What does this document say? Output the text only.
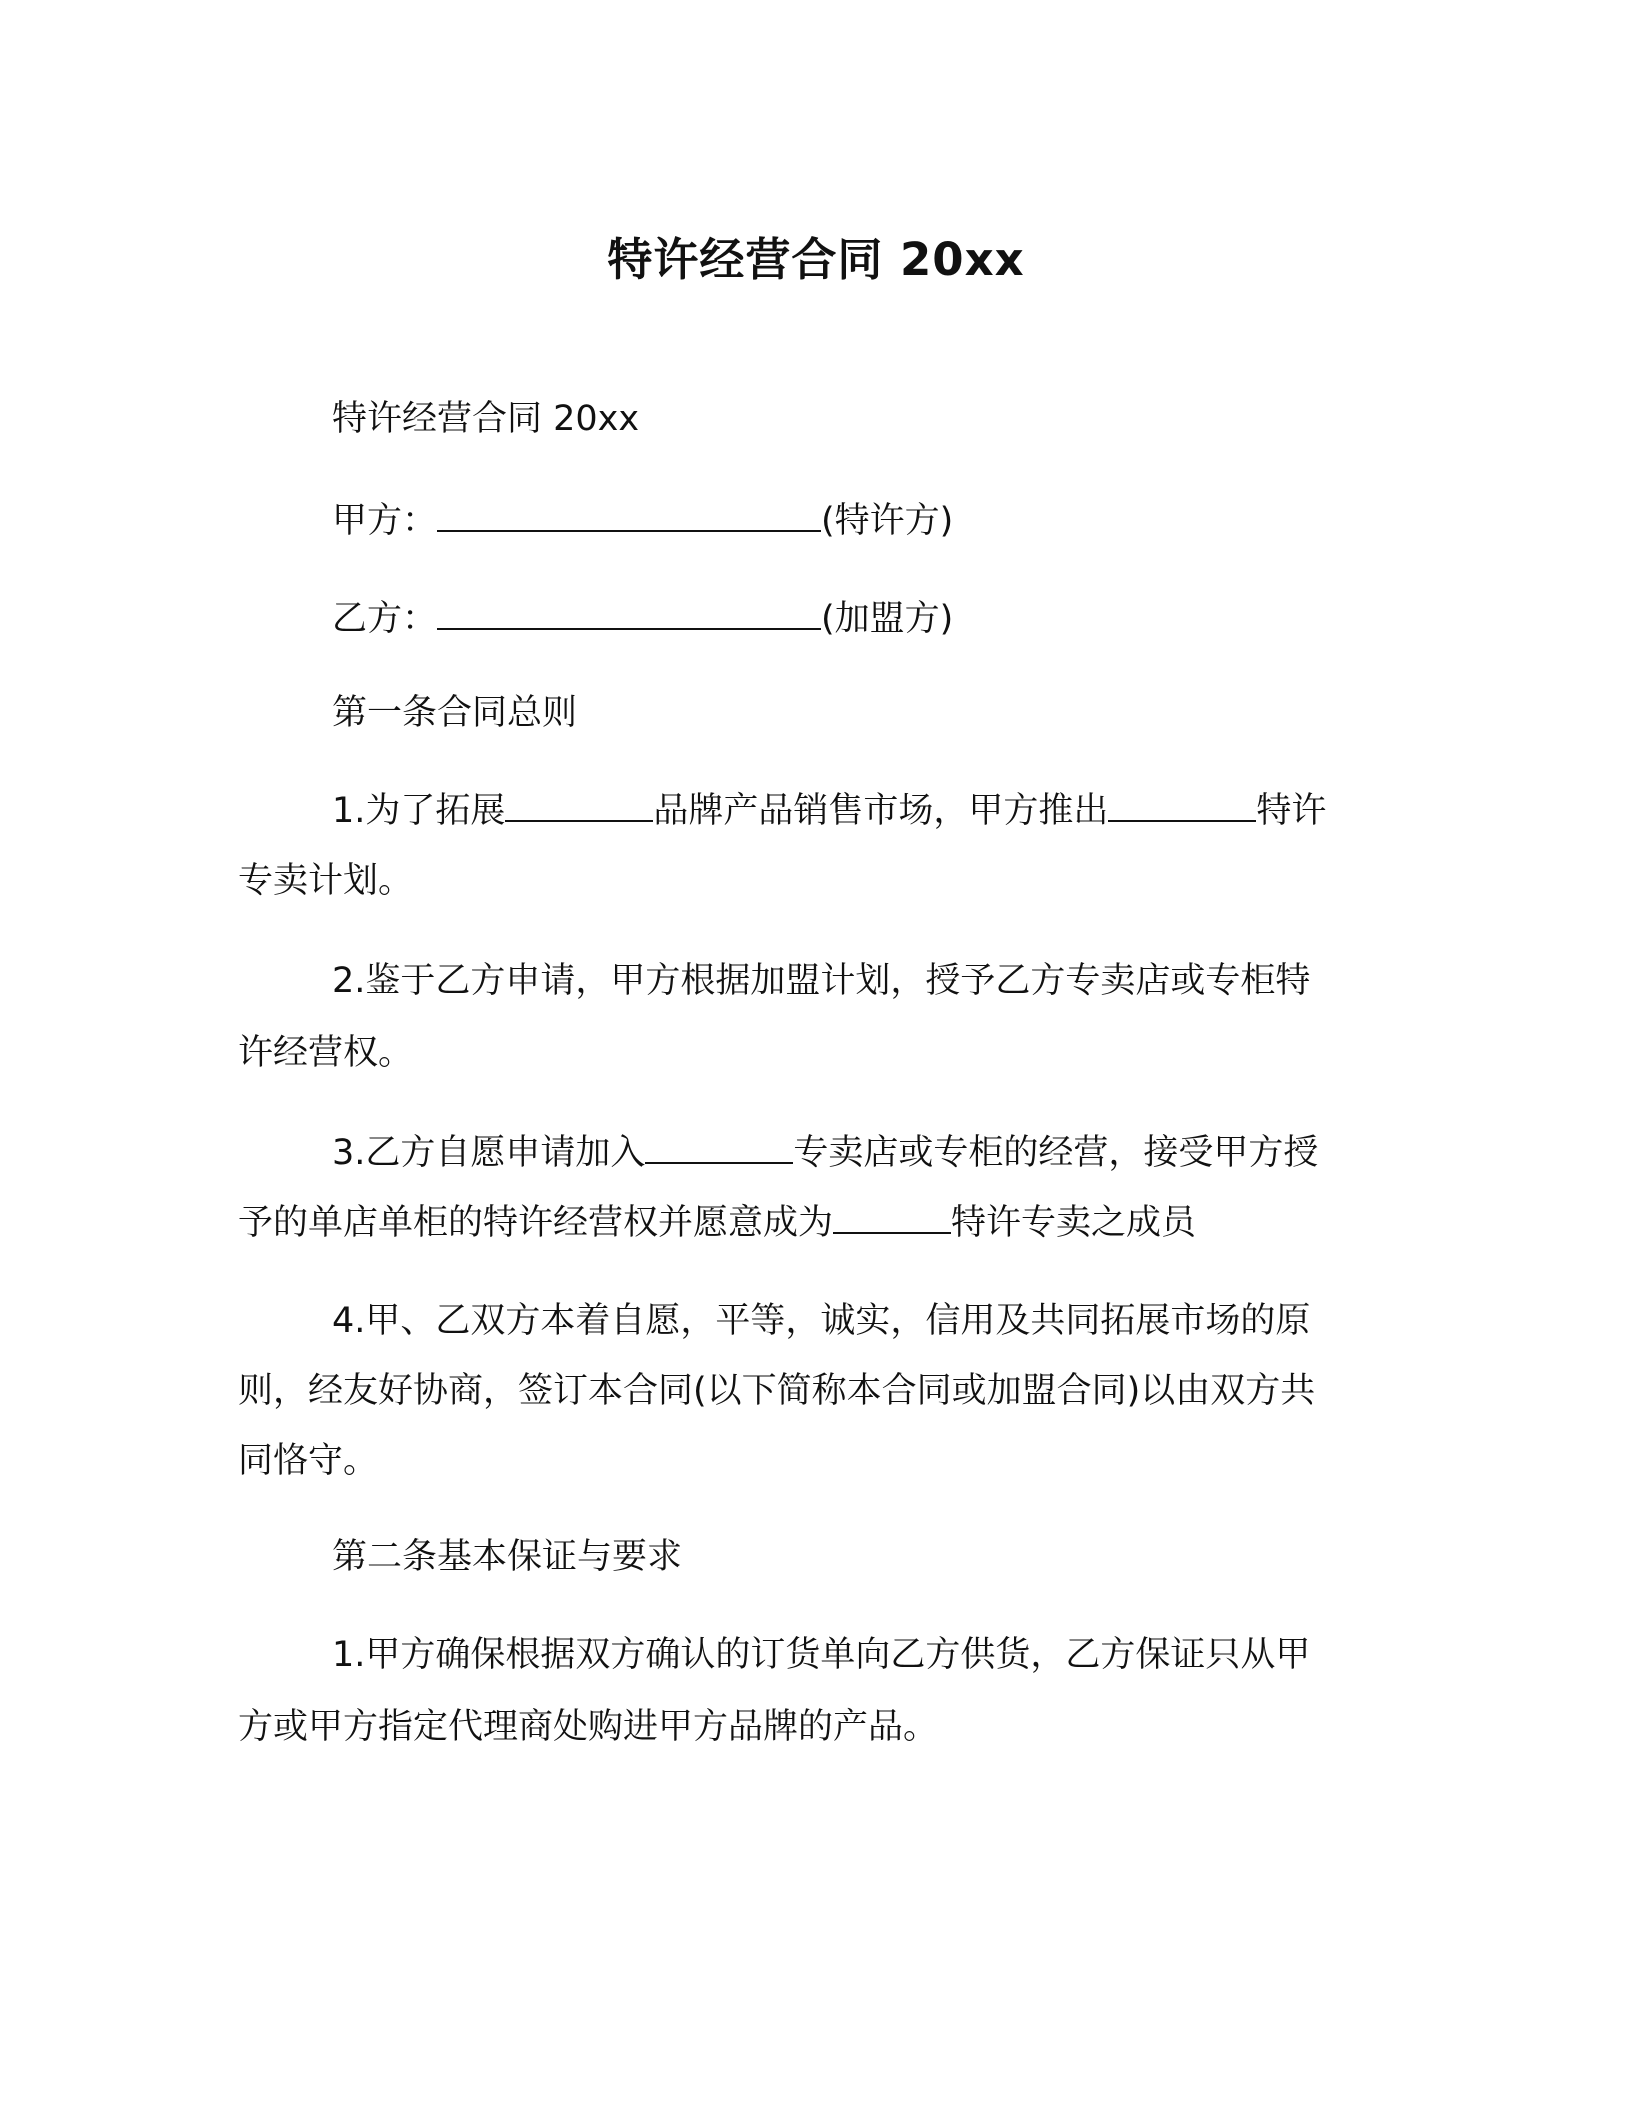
特许经营合同 20xx
特许经营合同 20xx
甲方：	(特许方)
乙方：	(加盟方)
第一条合同总则
1.为了拓展	品牌产品销售市场，甲方推出	特许
专卖计划。
2.鉴于乙方申请，甲方根据加盟计划，授予乙方专卖店或专柜特
许经营权。
3.乙方自愿申请加入	专卖店或专柜的经营，接受甲方授
予的单店单柜的特许经营权并愿意成为	特许专卖之成员
4.甲、乙双方本着自愿，平等，诚实，信用及共同拓展市场的原
则，经友好协商，签订本合同(以下简称本合同或加盟合同)以由双方共
同恪守。
第二条基本保证与要求
1.甲方确保根据双方确认的订货单向乙方供货，乙方保证只从甲
方或甲方指定代理商处购进甲方品牌的产品。
